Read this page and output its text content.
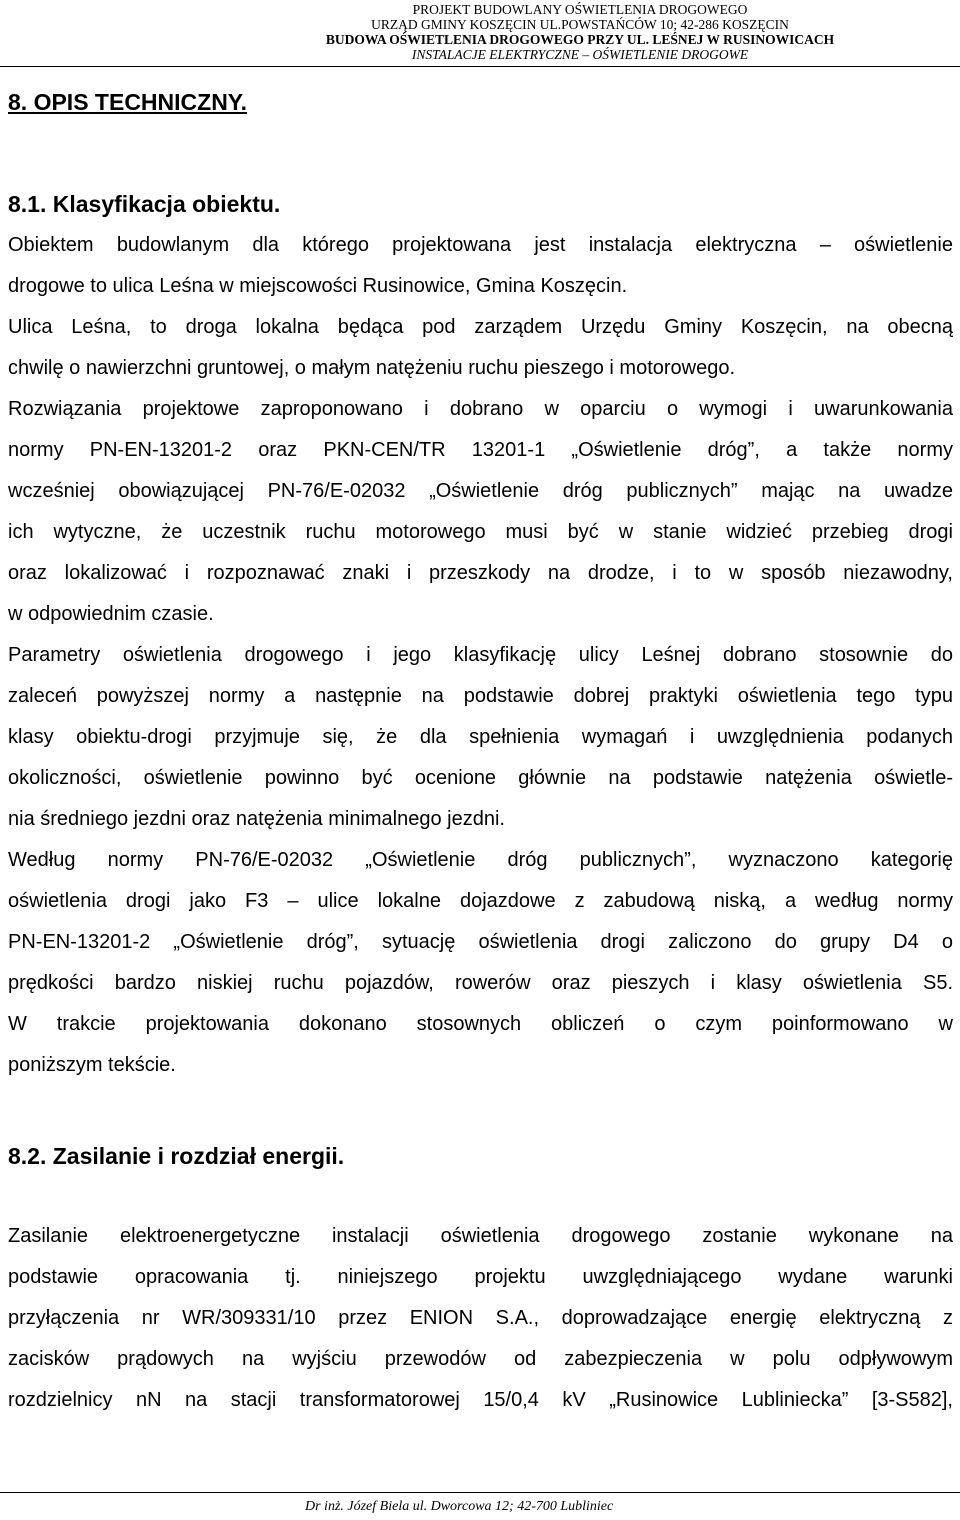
PROJEKT BUDOWLANY OŚWIETLENIA DROGOWEGO
URZĄD GMINY KOSZĘCIN UL.POWSTAŃCÓW 10; 42-286 KOSZĘCIN
BUDOWA OŚWIETLENIA DROGOWEGO PRZY UL. LEŚNEJ W RUSINOWICACH
INSTALACJE ELEKTRYCZNE – OŚWIETLENIE DROGOWE
8. OPIS TECHNICZNY.
8.1. Klasyfikacja obiektu.
Obiektem budowlanym dla którego projektowana jest instalacja elektryczna – oświetlenie
drogowe to ulica Leśna w miejscowości Rusinowice, Gmina Koszęcin.
Ulica Leśna, to droga lokalna będąca pod zarządem Urzędu Gminy Koszęcin, na obecną
chwilę o nawierzchni gruntowej, o małym natężeniu ruchu pieszego i motorowego.
Rozwiązania projektowe zaproponowano i dobrano w oparciu o wymogi i uwarunkowania
normy PN-EN-13201-2 oraz PKN-CEN/TR 13201-1 „Oświetlenie dróg”, a także normy
wcześniej obowiązującej PN-76/E-02032 „Oświetlenie dróg publicznych” mając na uwadze
ich wytyczne, że uczestnik ruchu motorowego musi być w stanie widzieć przebieg drogi
oraz lokalizować i rozpoznawać znaki i przeszkody na drodze, i to w sposób niezawodny,
w odpowiednim czasie.
Parametry oświetlenia drogowego i jego klasyfikację ulicy Leśnej dobrano stosownie do
zaleceń powyższej normy a następnie na podstawie dobrej praktyki oświetlenia tego typu
klasy obiektu-drogi przyjmuje się, że dla spełnienia wymagań i uwzględnienia podanych
okoliczności, oświetlenie powinno być ocenione głównie na podstawie natężenia oświetle-
nia średniego jezdni oraz natężenia minimalnego jezdni.
Według normy PN-76/E-02032 „Oświetlenie dróg publicznych”, wyznaczono kategorię
oświetlenia drogi jako F3 – ulice lokalne dojazdowe z zabudową niską, a według normy
PN-EN-13201-2 „Oświetlenie dróg”, sytuację oświetlenia drogi zaliczono do grupy D4 o
prędkości bardzo niskiej ruchu pojazdów, rowerów oraz pieszych i klasy oświetlenia S5.
W trakcie projektowania dokonano stosownych obliczeń o czym poinformowano w
poniższym tekście.
8.2. Zasilanie i rozdział energii.
Zasilanie elektroenergetyczne instalacji oświetlenia drogowego zostanie wykonane na
podstawie opracowania tj. niniejszego projektu uwzględniającego wydane warunki
przyłączenia nr WR/309331/10 przez ENION S.A., doprowadzające energię elektryczną z
zacisków prądowych na wyjściu przewodów od zabezpieczenia w polu odpływowym
rozdzielnicy nN na stacji transformatorowej 15/0,4 kV „Rusinowice Lubliniecka” [3-S582],
Dr inż. Józef Biela ul. Dworcowa 12; 42-700 Lubliniec
